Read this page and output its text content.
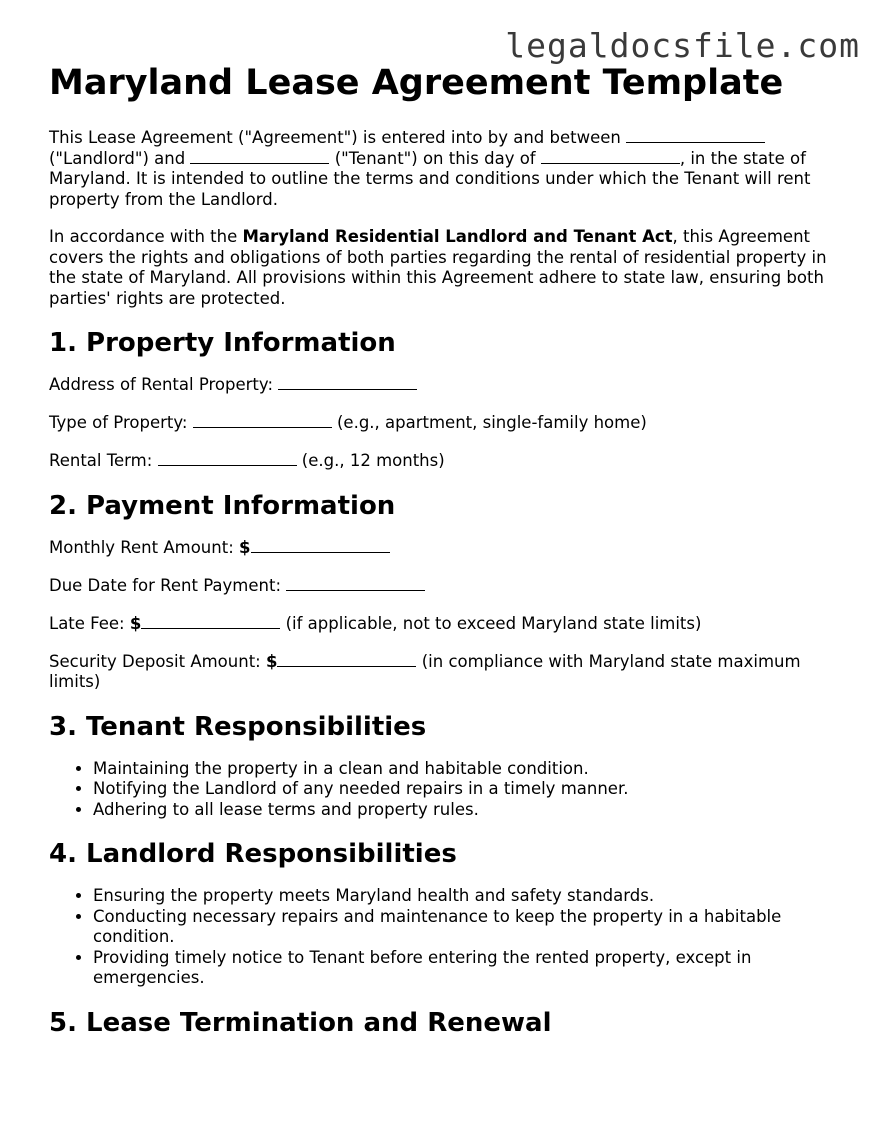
legaldocsfile.com
Maryland Lease Agreement Template

This Lease Agreement ("Agreement") is entered into by and between  ("Landlord") and	("Tenant") on this day of	, in the state of Maryland. It is intended to outline the terms and conditions under which the Tenant will rent property from the Landlord.

In accordance with the Maryland Residential Landlord and Tenant Act, this Agreement covers the rights and obligations of both parties regarding the rental of residential property in the state of Maryland. All provisions within this Agreement adhere to state law, ensuring both parties' rights are protected.

1. Property Information
Address of Rental Property:
Type of Property:	(e.g., apartment, single-family home)
Rental Term:	(e.g., 12 months)
2. Payment Information
Monthly Rent Amount: $
Due Date for Rent Payment:
Late Fee: $	(if applicable, not to exceed Maryland state limits)
Security Deposit Amount: $	(in compliance with Maryland state maximum limits)
3. Tenant Responsibilities
• Maintaining the property in a clean and habitable condition.
• Notifying the Landlord of any needed repairs in a timely manner.
• Adhering to all lease terms and property rules.
4. Landlord Responsibilities
• Ensuring the property meets Maryland health and safety standards.
• Conducting necessary repairs and maintenance to keep the property in a habitable condition.
• Providing timely notice to Tenant before entering the rented property, except in emergencies.
5. Lease Termination and Renewal
